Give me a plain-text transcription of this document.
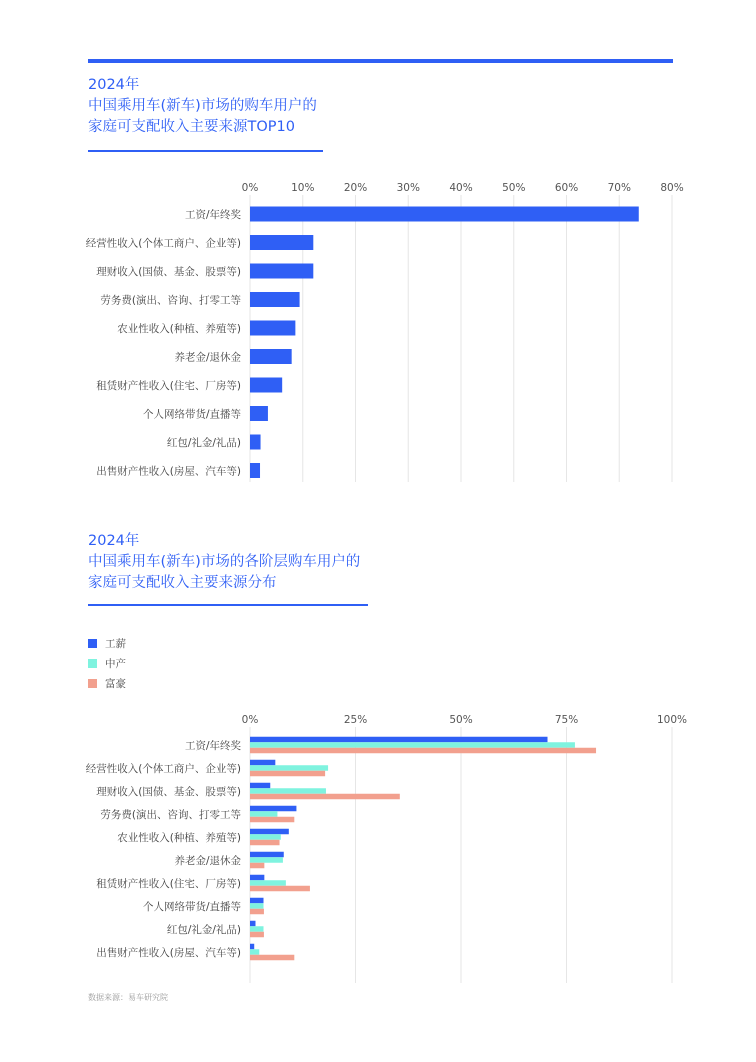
2024年
中国乘用车(新车)市场的购车用户的
家庭可支配收入主要来源TOP10
0%	10%	20%	30%	40%	50%	60%	70%	80%
工资/年终奖
经营性收入(个体工商户、企业等)
理财收入(国债、基金、股票等)
劳务费(演出、咨询、打零工等
农业性收入(种植、养殖等)
养老金/退休金
租赁财产性收入(住宅、厂房等)
个人网络带货/直播等
红包/礼金/礼品)
出售财产性收入(房屋、汽车等)
2024年
中国乘用车(新车)市场的各阶层购车用户的
家庭可支配收入主要来源分布
工薪
中产
富豪
0%	25%	50%	75%	100%
工资/年终奖
经营性收入(个体工商户、企业等)
理财收入(国债、基金、股票等)
劳务费(演出、咨询、打零工等
农业性收入(种植、养殖等)
养老金/退休金
租赁财产性收入(住宅、厂房等)
个人网络带货/直播等
红包/礼金/礼品)
出售财产性收入(房屋、汽车等)
数据来源：易车研究院
